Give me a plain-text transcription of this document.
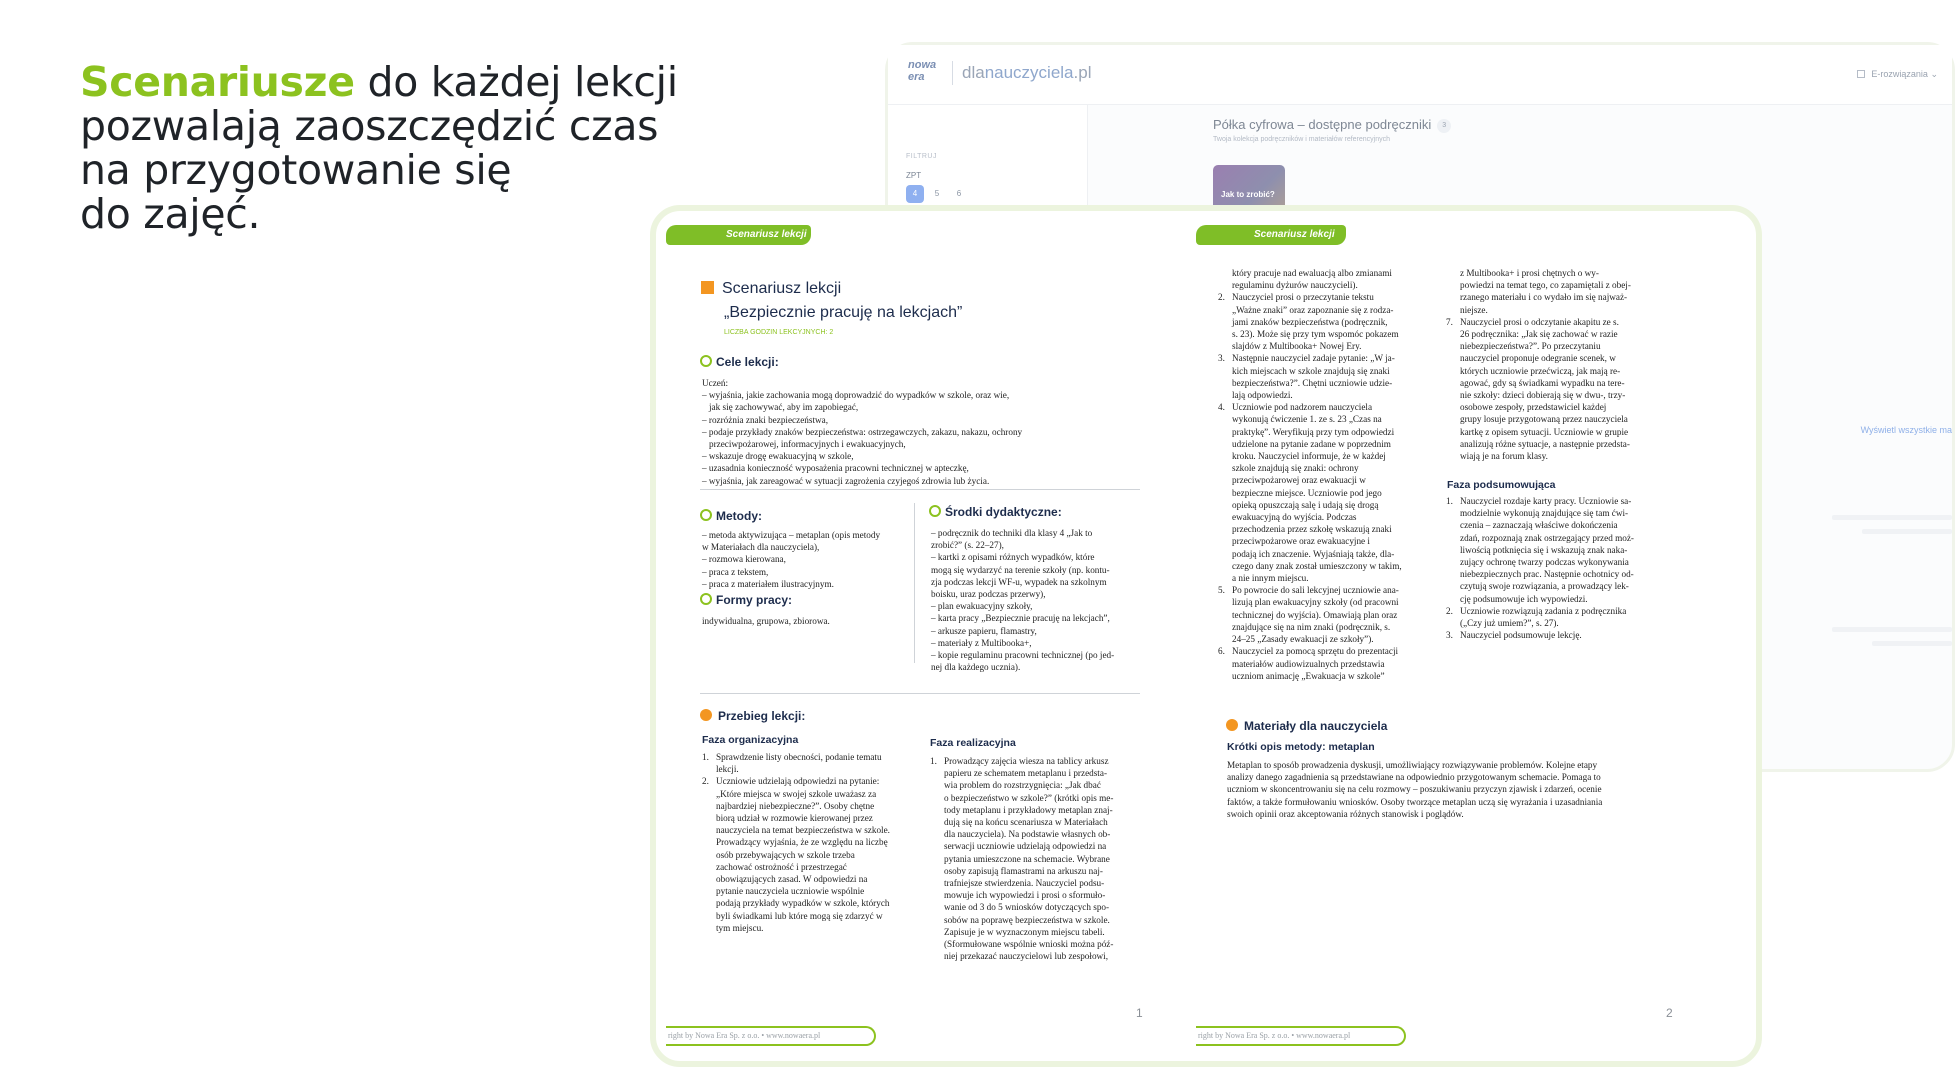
Scenariusze do każdej lekcji
pozwalają zaoszczędzić czas
na przygotowanie się
do zajęć.
nowa era	dlanauczyciela.pl	E-rozwiązania ⌄
FILTRUJ
ZPT
4	5	6
Półka cyfrowa – dostępne podręczniki 3
Twoja kolekcja podręczników i materiałów referencyjnych
Jak to zrobić?
Wyświetl wszystkie ma
Scenariusz lekcji
Scenariusz lekcji
„Bezpiecznie pracuję na lekcjach”
LICZBA GODZIN LEKCYJNYCH: 2
Cele lekcji:
Uczeń:
– wyjaśnia, jakie zachowania mogą doprowadzić do wypadków w szkole, oraz wie,
jak się zachowywać, aby im zapobiegać,
– rozróżnia znaki bezpieczeństwa,
– podaje przykłady znaków bezpieczeństwa: ostrzegawczych, zakazu, nakazu, ochrony
przeciwpożarowej, informacyjnych i ewakuacyjnych,
– wskazuje drogę ewakuacyjną w szkole,
– uzasadnia konieczność wyposażenia pracowni technicznej w apteczkę,
– wyjaśnia, jak zareagować w sytuacji zagrożenia czyjegoś zdrowia lub życia.
Metody:
– metoda aktywizująca – metaplan (opis metody
w Materiałach dla nauczyciela),
– rozmowa kierowana,
– praca z tekstem,
– praca z materiałem ilustracyjnym.
Formy pracy:
indywidualna, grupowa, zbiorowa.
Środki dydaktyczne:
– podręcznik do techniki dla klasy 4 „Jak to
zrobić?” (s. 22–27),
– kartki z opisami różnych wypadków, które
mogą się wydarzyć na terenie szkoły (np. kontu-
zja podczas lekcji WF-u, wypadek na szkolnym
boisku, uraz podczas przerwy),
– plan ewakuacyjny szkoły,
– karta pracy „Bezpiecznie pracuję na lekcjach”,
– arkusze papieru, flamastry,
– materiały z Multibooka+,
– kopie regulaminu pracowni technicznej (po jed-
nej dla każdego ucznia).
Przebieg lekcji:
Faza organizacyjna
1. Sprawdzenie listy obecności, podanie tematu
lekcji.
2. Uczniowie udzielają odpowiedzi na pytanie:
„Które miejsca w swojej szkole uważasz za
najbardziej niebezpieczne?”. Osoby chętne
biorą udział w rozmowie kierowanej przez
nauczyciela na temat bezpieczeństwa w szkole.
Prowadzący wyjaśnia, że ze względu na liczbę
osób przebywających w szkole trzeba
zachować ostrożność i przestrzegać
obowiązujących zasad. W odpowiedzi na
pytanie nauczyciela uczniowie wspólnie
podają przykłady wypadków w szkole, których
byli świadkami lub które mogą się zdarzyć w
tym miejscu.
Faza realizacyjna
1. Prowadzący zajęcia wiesza na tablicy arkusz
papieru ze schematem metaplanu i przedsta-
wia problem do rozstrzygnięcia: „Jak dbać
o bezpieczeństwo w szkole?” (krótki opis me-
tody metaplanu i przykładowy metaplan znaj-
dują się na końcu scenariusza w Materiałach
dla nauczyciela). Na podstawie własnych ob-
serwacji uczniowie udzielają odpowiedzi na
pytania umieszczone na schemacie. Wybrane
osoby zapisują flamastrami na arkuszu naj-
trafniejsze stwierdzenia. Nauczyciel podsu-
mowuje ich wypowiedzi i prosi o sformuło-
wanie od 3 do 5 wniosków dotyczących spo-
sobów na poprawę bezpieczeństwa w szkole.
Zapisuje je w wyznaczonym miejscu tabeli.
(Sformułowane wspólnie wnioski można póź-
niej przekazać nauczycielowi lub zespołowi,
1
right by Nowa Era Sp. z o.o. • www.nowaera.pl
Scenariusz lekcji
który pracuje nad ewaluacją albo zmianami
regulaminu dyżurów nauczycieli).
2. Nauczyciel prosi o przeczytanie tekstu
„Ważne znaki” oraz zapoznanie się z rodza-
jami znaków bezpieczeństwa (podręcznik,
s. 23). Może się przy tym wspomóc pokazem
slajdów z Multibooka+ Nowej Ery.
3. Następnie nauczyciel zadaje pytanie: „W ja-
kich miejscach w szkole znajdują się znaki
bezpieczeństwa?”. Chętni uczniowie udzie-
lają odpowiedzi.
4. Uczniowie pod nadzorem nauczyciela
wykonują ćwiczenie 1. ze s. 23 „Czas na
praktykę”. Weryfikują przy tym odpowiedzi
udzielone na pytanie zadane w poprzednim
kroku. Nauczyciel informuje, że w każdej
szkole znajdują się znaki: ochrony
przeciwpożarowej oraz ewakuacji w
bezpieczne miejsce. Uczniowie pod jego
opieką opuszczają salę i udają się drogą
ewakuacyjną do wyjścia. Podczas
przechodzenia przez szkołę wskazują znaki
przeciwpożarowe oraz ewakuacyjne i
podają ich znaczenie. Wyjaśniają także, dla-
czego dany znak został umieszczony w takim,
a nie innym miejscu.
5. Po powrocie do sali lekcyjnej uczniowie ana-
lizują plan ewakuacyjny szkoły (od pracowni
technicznej do wyjścia). Omawiają plan oraz
znajdujące się na nim znaki (podręcznik, s.
24–25 „Zasady ewakuacji ze szkoły”).
6. Nauczyciel za pomocą sprzętu do prezentacji
materiałów audiowizualnych przedstawia
uczniom animację „Ewakuacja w szkole”
z Multibooka+ i prosi chętnych o wy-
powiedzi na temat tego, co zapamiętali z obej-
rzanego materiału i co wydało im się najważ-
niejsze.
7. Nauczyciel prosi o odczytanie akapitu ze s.
26 podręcznika: „Jak się zachować w razie
niebezpieczeństwa?”. Po przeczytaniu
nauczyciel proponuje odegranie scenek, w
których uczniowie przećwiczą, jak mają re-
agować, gdy są świadkami wypadku na tere-
nie szkoły: dzieci dobierają się w dwu-, trzy-
osobowe zespoły, przedstawiciel każdej
grupy losuje przygotowaną przez nauczyciela
kartkę z opisem sytuacji. Uczniowie w grupie
analizują różne sytuacje, a następnie przedsta-
wiają je na forum klasy.
Faza podsumowująca
1. Nauczyciel rozdaje karty pracy. Uczniowie sa-
modzielnie wykonują znajdujące się tam ćwi-
czenia – zaznaczają właściwe dokończenia
zdań, rozpoznają znak ostrzegający przed moż-
liwością potknięcia się i wskazują znak naka-
zujący ochronę twarzy podczas wykonywania
niebezpiecznych prac. Następnie ochotnicy od-
czytują swoje rozwiązania, a prowadzący lek-
cję podsumowuje ich wypowiedzi.
2. Uczniowie rozwiązują zadania z podręcznika
(„Czy już umiem?”, s. 27).
3. Nauczyciel podsumowuje lekcję.
Materiały dla nauczyciela
Krótki opis metody: metaplan
Metaplan to sposób prowadzenia dyskusji, umożliwiający rozwiązywanie problemów. Kolejne etapy
analizy danego zagadnienia są przedstawiane na odpowiednio przygotowanym schemacie. Pomaga to
uczniom w skoncentrowaniu się na celu rozmowy – poszukiwaniu przyczyn zjawisk i zdarzeń, ocenie
faktów, a także formułowaniu wniosków. Osoby tworzące metaplan uczą się wyrażania i uzasadniania
swoich opinii oraz akceptowania różnych stanowisk i poglądów.
2
right by Nowa Era Sp. z o.o. • www.nowaera.pl
